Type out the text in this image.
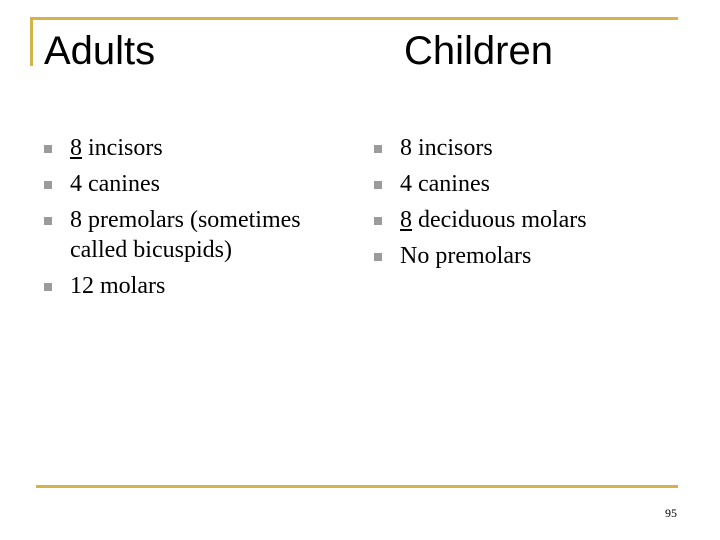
Adults	Children
8 incisors
4 canines
8 premolars (sometimes called bicuspids)
12 molars
8 incisors
4 canines
8 deciduous molars
No premolars
95
